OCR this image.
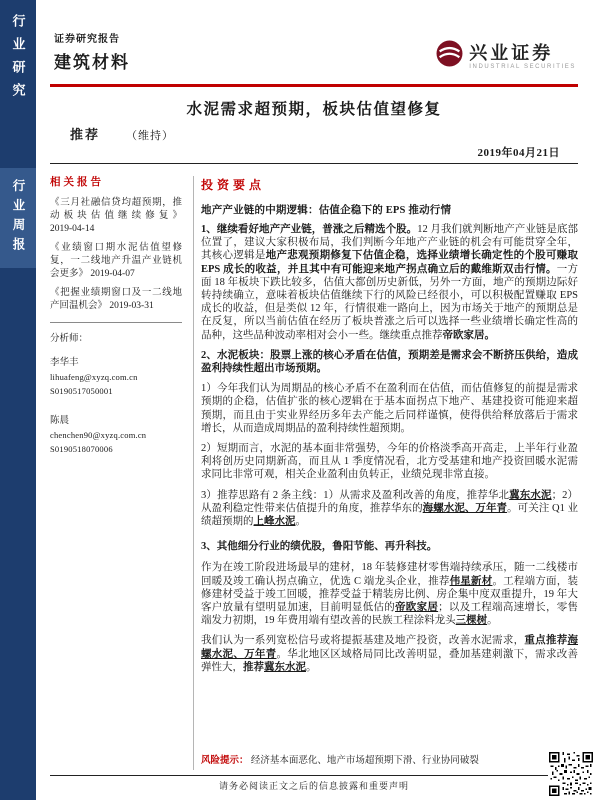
行业研究
行业周报
证券研究报告
建筑材料	兴业证券
INDUSTRIAL SECURITIES
水泥需求超预期，板块估值望修复
推荐 （维持）
2019年04月21日
相关报告
《三月社融信贷均超预期，推动板块估值继续修复》 2019-04-14
《业绩窗口期水泥估值望修复，一二线地产升温产业链机会更多》 2019-04-07
《把握业绩期窗口及一二线地产回温机会》 2019-03-31
分析师：
李华丰
lihuafeng@xyzq.com.cn
S0190517050001
陈晨
chenchen90@xyzq.com.cn
S0190518070006
投资要点
地产产业链的中期逻辑：估值企稳下的 EPS 推动行情
1、继续看好地产产业链，普涨之后精选个股。12 月我们就判断地产产业链是底部位置了，建议大家积极布局，我们判断今年地产产业链的机会有可能贯穿全年，其核心逻辑是地产悲观预期修复下估值企稳，选择业绩增长确定性的个股可赚取 EPS 成长的收益，并且其中有可能迎来地产拐点确立后的戴维斯双击行情。一方面 18 年板块下跌比较多，估值大都创历史新低，另外一方面，地产的预期边际好转持续确立，意味着板块估值继续下行的风险已经很小，可以积极配置赚取 EPS 成长的收益，但是类似 12 年，行情很难一路向上，因为市场关于地产的预期总是在反复，所以当前估值在经历了板块普涨之后可以选择一些业绩增长确定性高的品种，这些品种波动率相对会小一些。继续重点推荐帝欧家居。
2、水泥板块：股票上涨的核心矛盾在估值，预期差是需求会不断挤压供给，造成盈利持续性超出市场预期。
1）今年我们认为周期品的核心矛盾不在盈利而在估值，而估值修复的前提是需求预期的企稳，估值扩张的核心逻辑在于基本面拐点下地产、基建投资可能迎来超预期，而且由于实业界经历多年去产能之后同样谨慎，使得供给释放落后于需求增长，从而造成周期品的盈利持续性超预期。
2）短期而言，水泥的基本面非常强势，今年的价格淡季高开高走，上半年行业盈利将创历史同期新高，而且从 1 季度情况看，北方受基建和地产投资回暖水泥需求同比非常可观，相关企业盈利由负转正，业绩兑现非常直接。
3）推荐思路有 2 条主线：1）从需求及盈利改善的角度，推荐华北冀东水泥；2）从盈利稳定性带来估值提升的角度，推荐华东的海螺水泥、万年青。可关注 Q1 业绩超预期的上峰水泥。
3、其他细分行业的绩优股，鲁阳节能、再升科技。
作为在竣工阶段进场最早的建材，18 年装修建材零售端持续承压，随一二线楼市回暖及竣工确认拐点确立，优选 C 端龙头企业，推荐伟星新材。工程端方面，装修建材受益于竣工回暖，推荐受益于精装房比例、房企集中度双重提升，19 年大客户放量有望明显加速，目前明显低估的帝欧家居；以及工程端高速增长，零售端发力初期，19 年费用端有望改善的民族工程涂料龙头三棵树。
我们认为一系列宽松信号或将提振基建及地产投资，改善水泥需求，重点推荐海螺水泥、万年青。华北地区区域格局同比改善明显，叠加基建刺激下，需求改善弹性大，推荐冀东水泥。
风险提示： 经济基本面恶化、地产市场超预期下滑、行业协同破裂
请务必阅读正文之后的信息披露和重要声明
